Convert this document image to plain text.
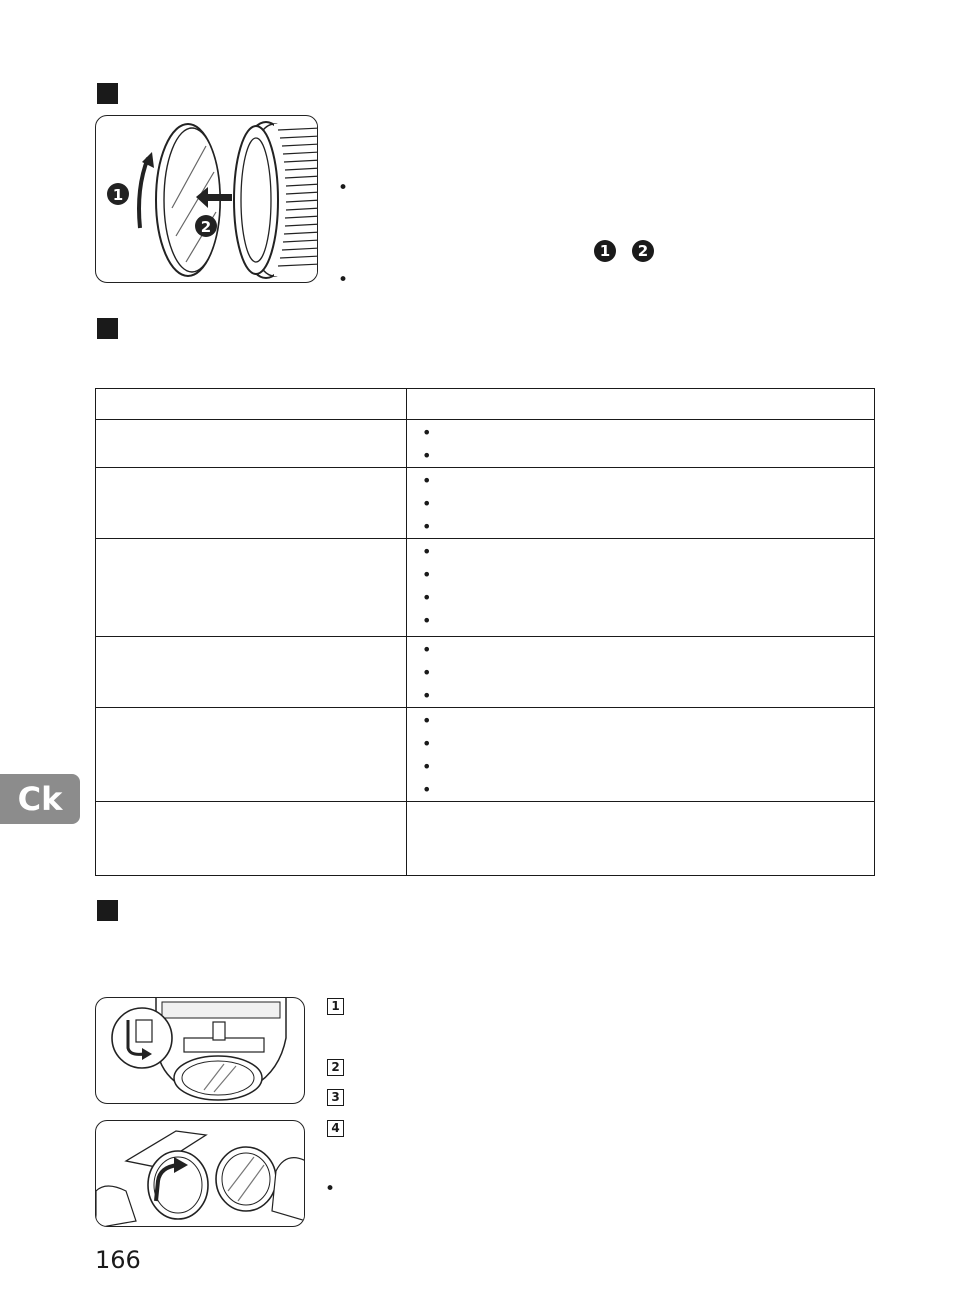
1
2
•
1	2
•

	•
•

	•
•
•

	•
•
•
•

	•
•
•

	•
•
•
•

Ck
1
2
3
4
•
166
